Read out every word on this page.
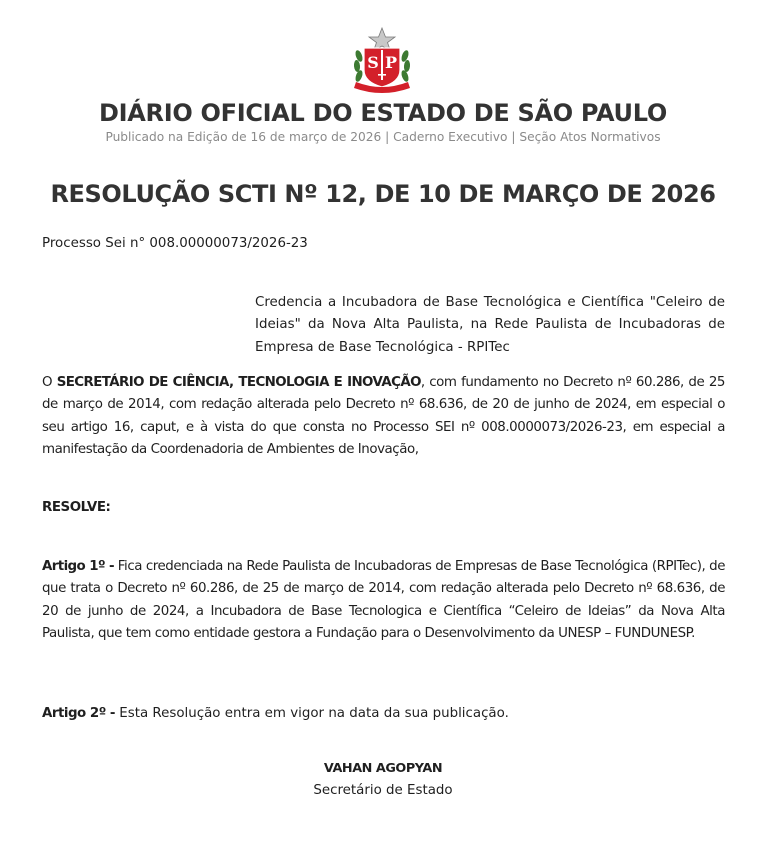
S P
DIÁRIO OFICIAL DO ESTADO DE SÃO PAULO
Publicado na Edição de 16 de março de 2026 | Caderno Executivo | Seção Atos Normativos
RESOLUÇÃO SCTI Nº 12, DE 10 DE MARÇO DE 2026
Processo Sei n° 008.00000073/2026-23
Credencia a Incubadora de Base Tecnológica e Científica "Celeiro de Ideias" da Nova Alta Paulista, na Rede Paulista de Incubadoras de Empresa de Base Tecnológica - RPITec
O SECRETÁRIO DE CIÊNCIA, TECNOLOGIA E INOVAÇÃO, com fundamento no Decreto nº 60.286, de 25 de março de 2014, com redação alterada pelo Decreto nº 68.636, de 20 de junho de 2024, em especial o seu artigo 16, caput, e à vista do que consta no Processo SEI nº 008.0000073/2026-23, em especial a manifestação da Coordenadoria de Ambientes de Inovação,
RESOLVE:
Artigo 1º - Fica credenciada na Rede Paulista de Incubadoras de Empresas de Base Tecnológica (RPITec), de que trata o Decreto nº 60.286, de 25 de março de 2014, com redação alterada pelo Decreto nº 68.636, de 20 de junho de 2024, a Incubadora de Base Tecnologica e Científica “Celeiro de Ideias” da Nova Alta Paulista, que tem como entidade gestora a Fundação para o Desenvolvimento da UNESP – FUNDUNESP.
Artigo 2º - Esta Resolução entra em vigor na data da sua publicação.
VAHAN AGOPYAN
Secretário de Estado
